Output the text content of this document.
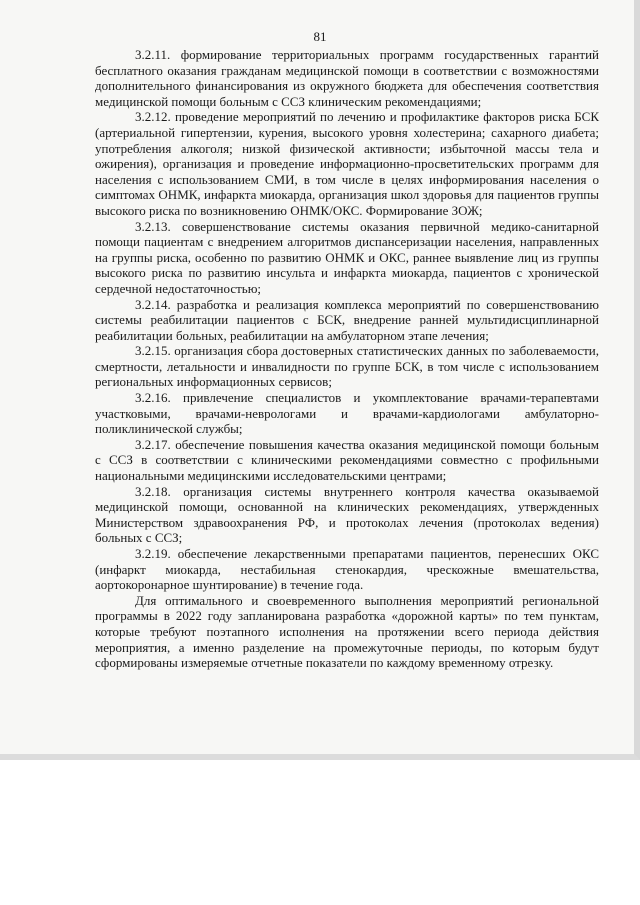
81

3.2.11. формирование территориальных программ государственных гарантий бесплатного оказания гражданам медицинской помощи в соответствии с возможностями дополнительного финансирования из окружного бюджета для обеспечения соответствия медицинской помощи больным с ССЗ клиническим рекомендациями;

3.2.12. проведение мероприятий по лечению и профилактике факторов риска БСК (артериальной гипертензии, курения, высокого уровня холестерина; сахарного диабета; употребления алкоголя; низкой физической активности; избыточной массы тела и ожирения), организация и проведение информационно-просветительских программ для населения с использованием СМИ, в том числе в целях информирования населения о симптомах ОНМК, инфаркта миокарда, организация школ здоровья для пациентов группы высокого риска по возникновению ОНМК/ОКС. Формирование ЗОЖ;

3.2.13. совершенствование системы оказания первичной медико-санитарной помощи пациентам с внедрением алгоритмов диспансеризации населения, направленных на группы риска, особенно по развитию ОНМК и ОКС, раннее выявление лиц из группы высокого риска по развитию инсульта и инфаркта миокарда, пациентов с хронической сердечной недостаточностью;

3.2.14. разработка и реализация комплекса мероприятий по совершенствованию системы реабилитации пациентов с БСК, внедрение ранней мультидисциплинарной реабилитации больных, реабилитации на амбулаторном этапе лечения;

3.2.15. организация сбора достоверных статистических данных по заболеваемости, смертности, летальности и инвалидности по группе БСК, в том числе с использованием региональных информационных сервисов;

3.2.16. привлечение специалистов и укомплектование врачами-терапевтами участковыми, врачами-неврологами и врачами-кардиологами амбулаторно-поликлинической службы;

3.2.17. обеспечение повышения качества оказания медицинской помощи больным с ССЗ в соответствии с клиническими рекомендациями совместно с профильными национальными медицинскими исследовательскими центрами;

3.2.18. организация системы внутреннего контроля качества оказываемой медицинской помощи, основанной на клинических рекомендациях, утвержденных Министерством здравоохранения РФ, и протоколах лечения (протоколах ведения) больных с ССЗ;

3.2.19. обеспечение лекарственными препаратами пациентов, перенесших ОКС (инфаркт миокарда, нестабильная стенокардия, чрескожные вмешательства, аортокоронарное шунтирование) в течение года.

Для оптимального и своевременного выполнения мероприятий региональной программы в 2022 году запланирована разработка «дорожной карты» по тем пунктам, которые требуют поэтапного исполнения на протяжении всего периода действия мероприятия, а именно разделение на промежуточные периоды, по которым будут сформированы измеряемые отчетные показатели по каждому временному отрезку.
